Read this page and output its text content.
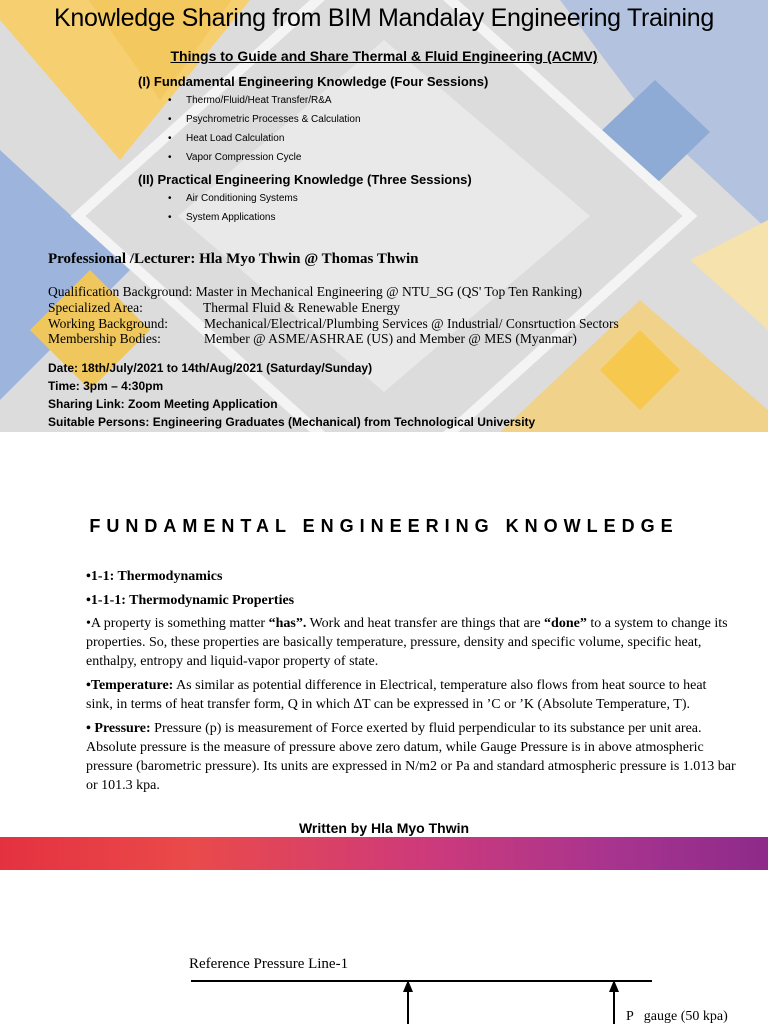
Knowledge Sharing from BIM Mandalay Engineering Training
Things to Guide and Share Thermal & Fluid Engineering (ACMV)
(I) Fundamental Engineering Knowledge (Four Sessions)
• Thermo/Fluid/Heat Transfer/R&A
• Psychrometric Processes & Calculation
• Heat Load Calculation
• Vapor Compression Cycle
(II) Practical Engineering Knowledge (Three Sessions)
• Air Conditioning Systems
• System Applications
Professional /Lecturer: Hla Myo Thwin @ Thomas Thwin
Qualification Background: Master in Mechanical Engineering @ NTU_SG (QS' Top Ten Ranking)
Specialized Area:	Thermal Fluid & Renewable Energy
Working Background:	Mechanical/Electrical/Plumbing Services @ Industrial/ Consrtuction Sectors
Membership Bodies:	Member @ ASME/ASHRAE (US) and Member @ MES (Myanmar)
Date: 18th/July/2021 to 14th/Aug/2021 (Saturday/Sunday)
Time: 3pm – 4:30pm
Sharing Link: Zoom Meeting Application
Suitable Persons: Engineering Graduates (Mechanical) from Technological University
FUNDAMENTAL ENGINEERING KNOWLEDGE
•1-1: Thermodynamics
•1-1-1: Thermodynamic Properties
•A property is something matter “has”. Work and heat transfer are things that are “done” to a system to change its properties. So, these properties are basically temperature, pressure, density and specific volume, specific heat, enthalpy, entropy and liquid-vapor property of state.
•Temperature: As similar as potential difference in Electrical, temperature also flows from heat source to heat sink, in terms of heat transfer form, Q in which ∆T can be expressed in ’C or ’K (Absolute Temperature, T).
• Pressure: Pressure (p) is measurement of Force exerted by fluid perpendicular to its substance per unit area. Absolute pressure is the measure of pressure above zero datum, while Gauge Pressure is in above atmospheric pressure (barometric pressure). Its units are expressed in N/m2 or Pa and standard atmospheric pressure is 1.013 bar or 101.3 kpa.
Written by Hla Myo Thwin
Reference Pressure Line-1
P   gauge (50 kpa)
